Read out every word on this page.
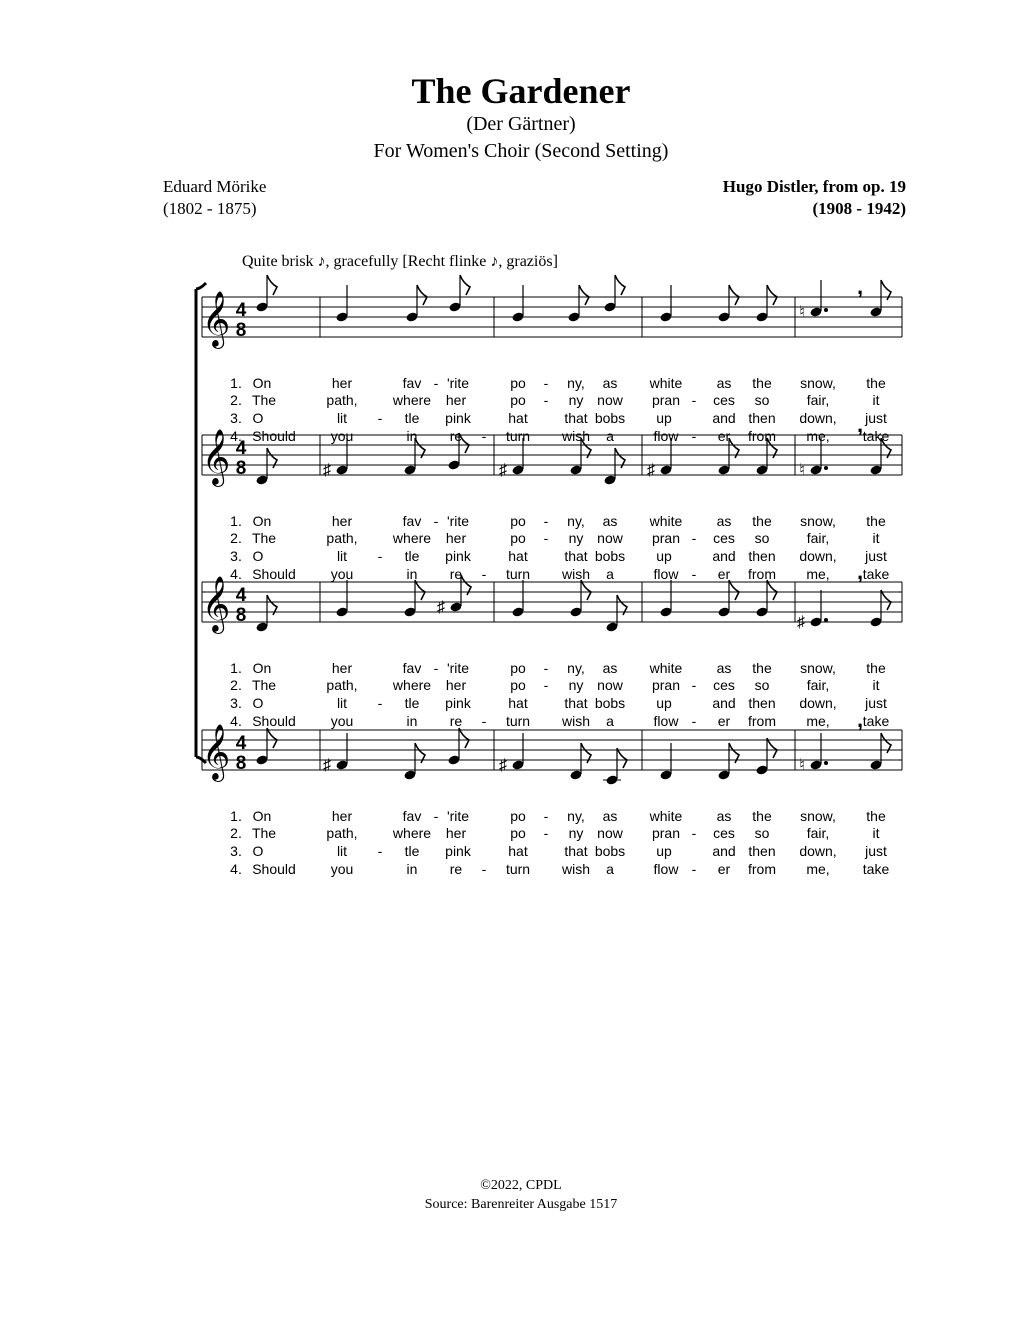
The Gardener
(Der Gärtner)
For Women's Choir (Second Setting)
Eduard Mörike
(1802 - 1875)
Hugo Distler, from op. 19
(1908 - 1942)
Quite brisk ♪, gracefully [Recht flinke ♪, graziös]
𝄞 4
8
♮
,
1. On	her	fav - 'rite	po - ny, as white as the snow, the
2. The	path,	where her	po - ny now pran - ces so	fair,	it
3. O	lit - tle pink	hat	that bobs up	and then down, just
4. Should you	in re - turn wish a	flow - er from me, take
𝄞 4
8	♯	♯	♯	♮
,
1. On	her	fav - 'rite	po - ny, as white as the snow, the
2. The	path,	where her	po - ny now pran - ces so	fair,	it
3. O	lit - tle pink	hat	that bobs up	and then down, just
4. Should you	in re - turn wish a	flow - er from me, take
𝄞 4
8	♯
♯
,
1. On	her	fav - 'rite	po - ny, as white as the snow, the
2. The	path,	where her	po - ny now pran - ces so	fair,	it
3. O	lit - tle pink	hat	that bobs up	and then down, just
4. Should you	in re - turn wish a	flow - er from me, take
𝄞 4
8	♯	♯	♮
,
1. On	her	fav - 'rite	po - ny, as white as the snow, the
2. The	path,	where her	po - ny now pran - ces so	fair,	it
3. O	lit - tle pink	hat	that bobs up	and then down, just
4. Should you	in re - turn wish a	flow - er from me, take
©2022, CPDL
Source: Barenreiter Ausgabe 1517
